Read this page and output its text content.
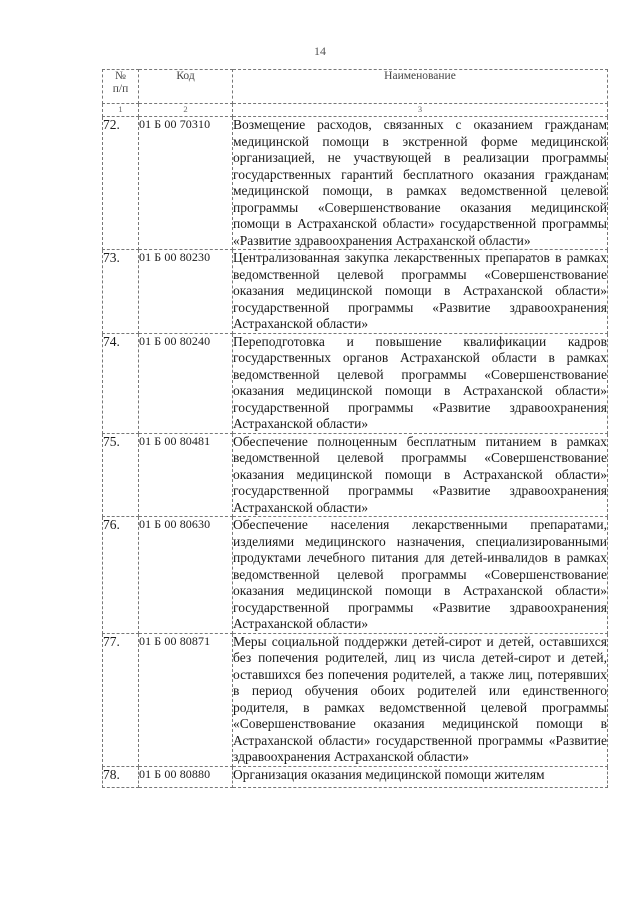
14
№
п/п	Код	Наименование
1	2	3
72.	01 Б 00 70310	Возмещение расходов, связанных с оказанием гражданам медицинской помощи в экстренной форме медицинской организацией, не участвующей в реализации программы государственных гарантий бесплатного оказания гражданам медицинской помощи, в рамках ведомственной целевой программы «Совершенствование оказания медицинской помощи в Астраханской области» государственной программы «Развитие здравоохранения Астраханской области»
73.	01 Б 00 80230	Централизованная закупка лекарственных препаратов в рамках ведомственной целевой программы «Совершенствование оказания медицинской помощи в Астраханской области» государственной программы «Развитие здравоохранения Астраханской области»
74.	01 Б 00 80240	Переподготовка и повышение квалификации кадров государственных органов Астраханской области в рамках ведомственной целевой программы «Совершенствование оказания медицинской помощи в Астраханской области» государственной программы «Развитие здравоохранения Астраханской области»
75.	01 Б 00 80481	Обеспечение полноценным бесплатным питанием в рамках ведомственной целевой программы «Совершенствование оказания медицинской помощи в Астраханской области» государственной программы «Развитие здравоохранения Астраханской области»
76.	01 Б 00 80630	Обеспечение населения лекарственными препаратами, изделиями медицинского назначения, специализированными продуктами лечебного питания для детей-инвалидов в рамках ведомственной целевой программы «Совершенствование оказания медицинской помощи в Астраханской области» государственной программы «Развитие здравоохранения Астраханской области»
77.	01 Б 00 80871	Меры социальной поддержки детей-сирот и детей, оставшихся без попечения родителей, лиц из числа детей-сирот и детей, оставшихся без попечения родителей, а также лиц, потерявших в период обучения обоих родителей или единственного родителя, в рамках ведомственной целевой программы «Совершенствование оказания медицинской помощи в Астраханской области» государственной программы «Развитие здравоохранения Астраханской области»
78.	01 Б 00 80880	Организация оказания медицинской помощи жителям
